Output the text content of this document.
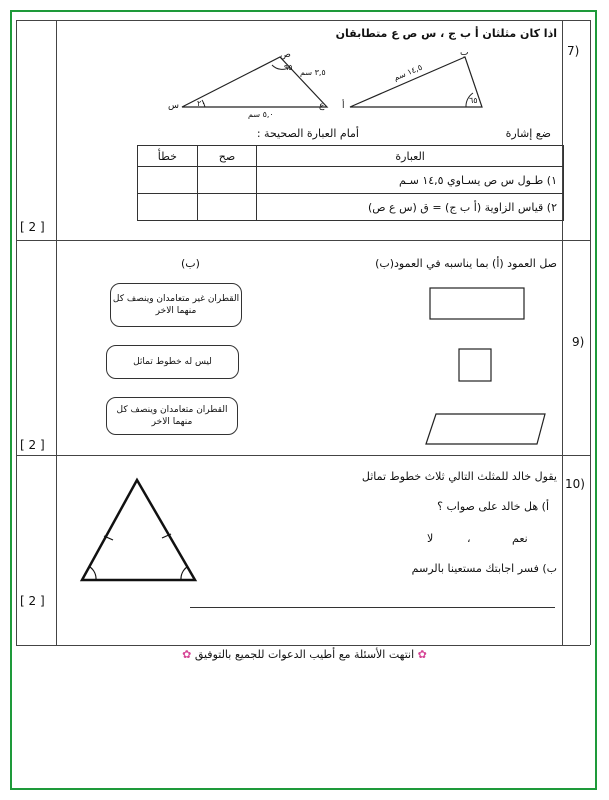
7)
[ 2 ]
اذا كان مثلثان أ ب ج ، س ص ع متطابقان
س	ع
ص
٢٠
٩٥
٣,٥ سم
٥,٠ سم
أ
ب
١٤,٥ سم
٦٥
ضع إشارة
أمام العبارة الصحيحة :
العبارة	صح	خطأ
١) طـول س ص يسـاوي ١٤,٥ سـم		
٢) قياس الزاوية (أ ب ج) = ق (س ع ص)		
9)
[ 2 ]
صل العمود (أ) بما يناسبه في العمود(ب)
(ب)
القطران غير متعامدان وينصف كل منهما الاخر
ليس له خطوط تماثل
القطران متعامدان وينصف كل منهما الاخر
10)
[ 2 ]
يقول خالد للمثلث التالي ثلاث خطوط تماثل
أ) هل خالد على صواب ؟
نعم
،
لا
ب) فسر اجابتك مستعينا بالرسم
✿ انتهت الأسئلة مع أطيب الدعوات للجميع بالتوفيق ✿
